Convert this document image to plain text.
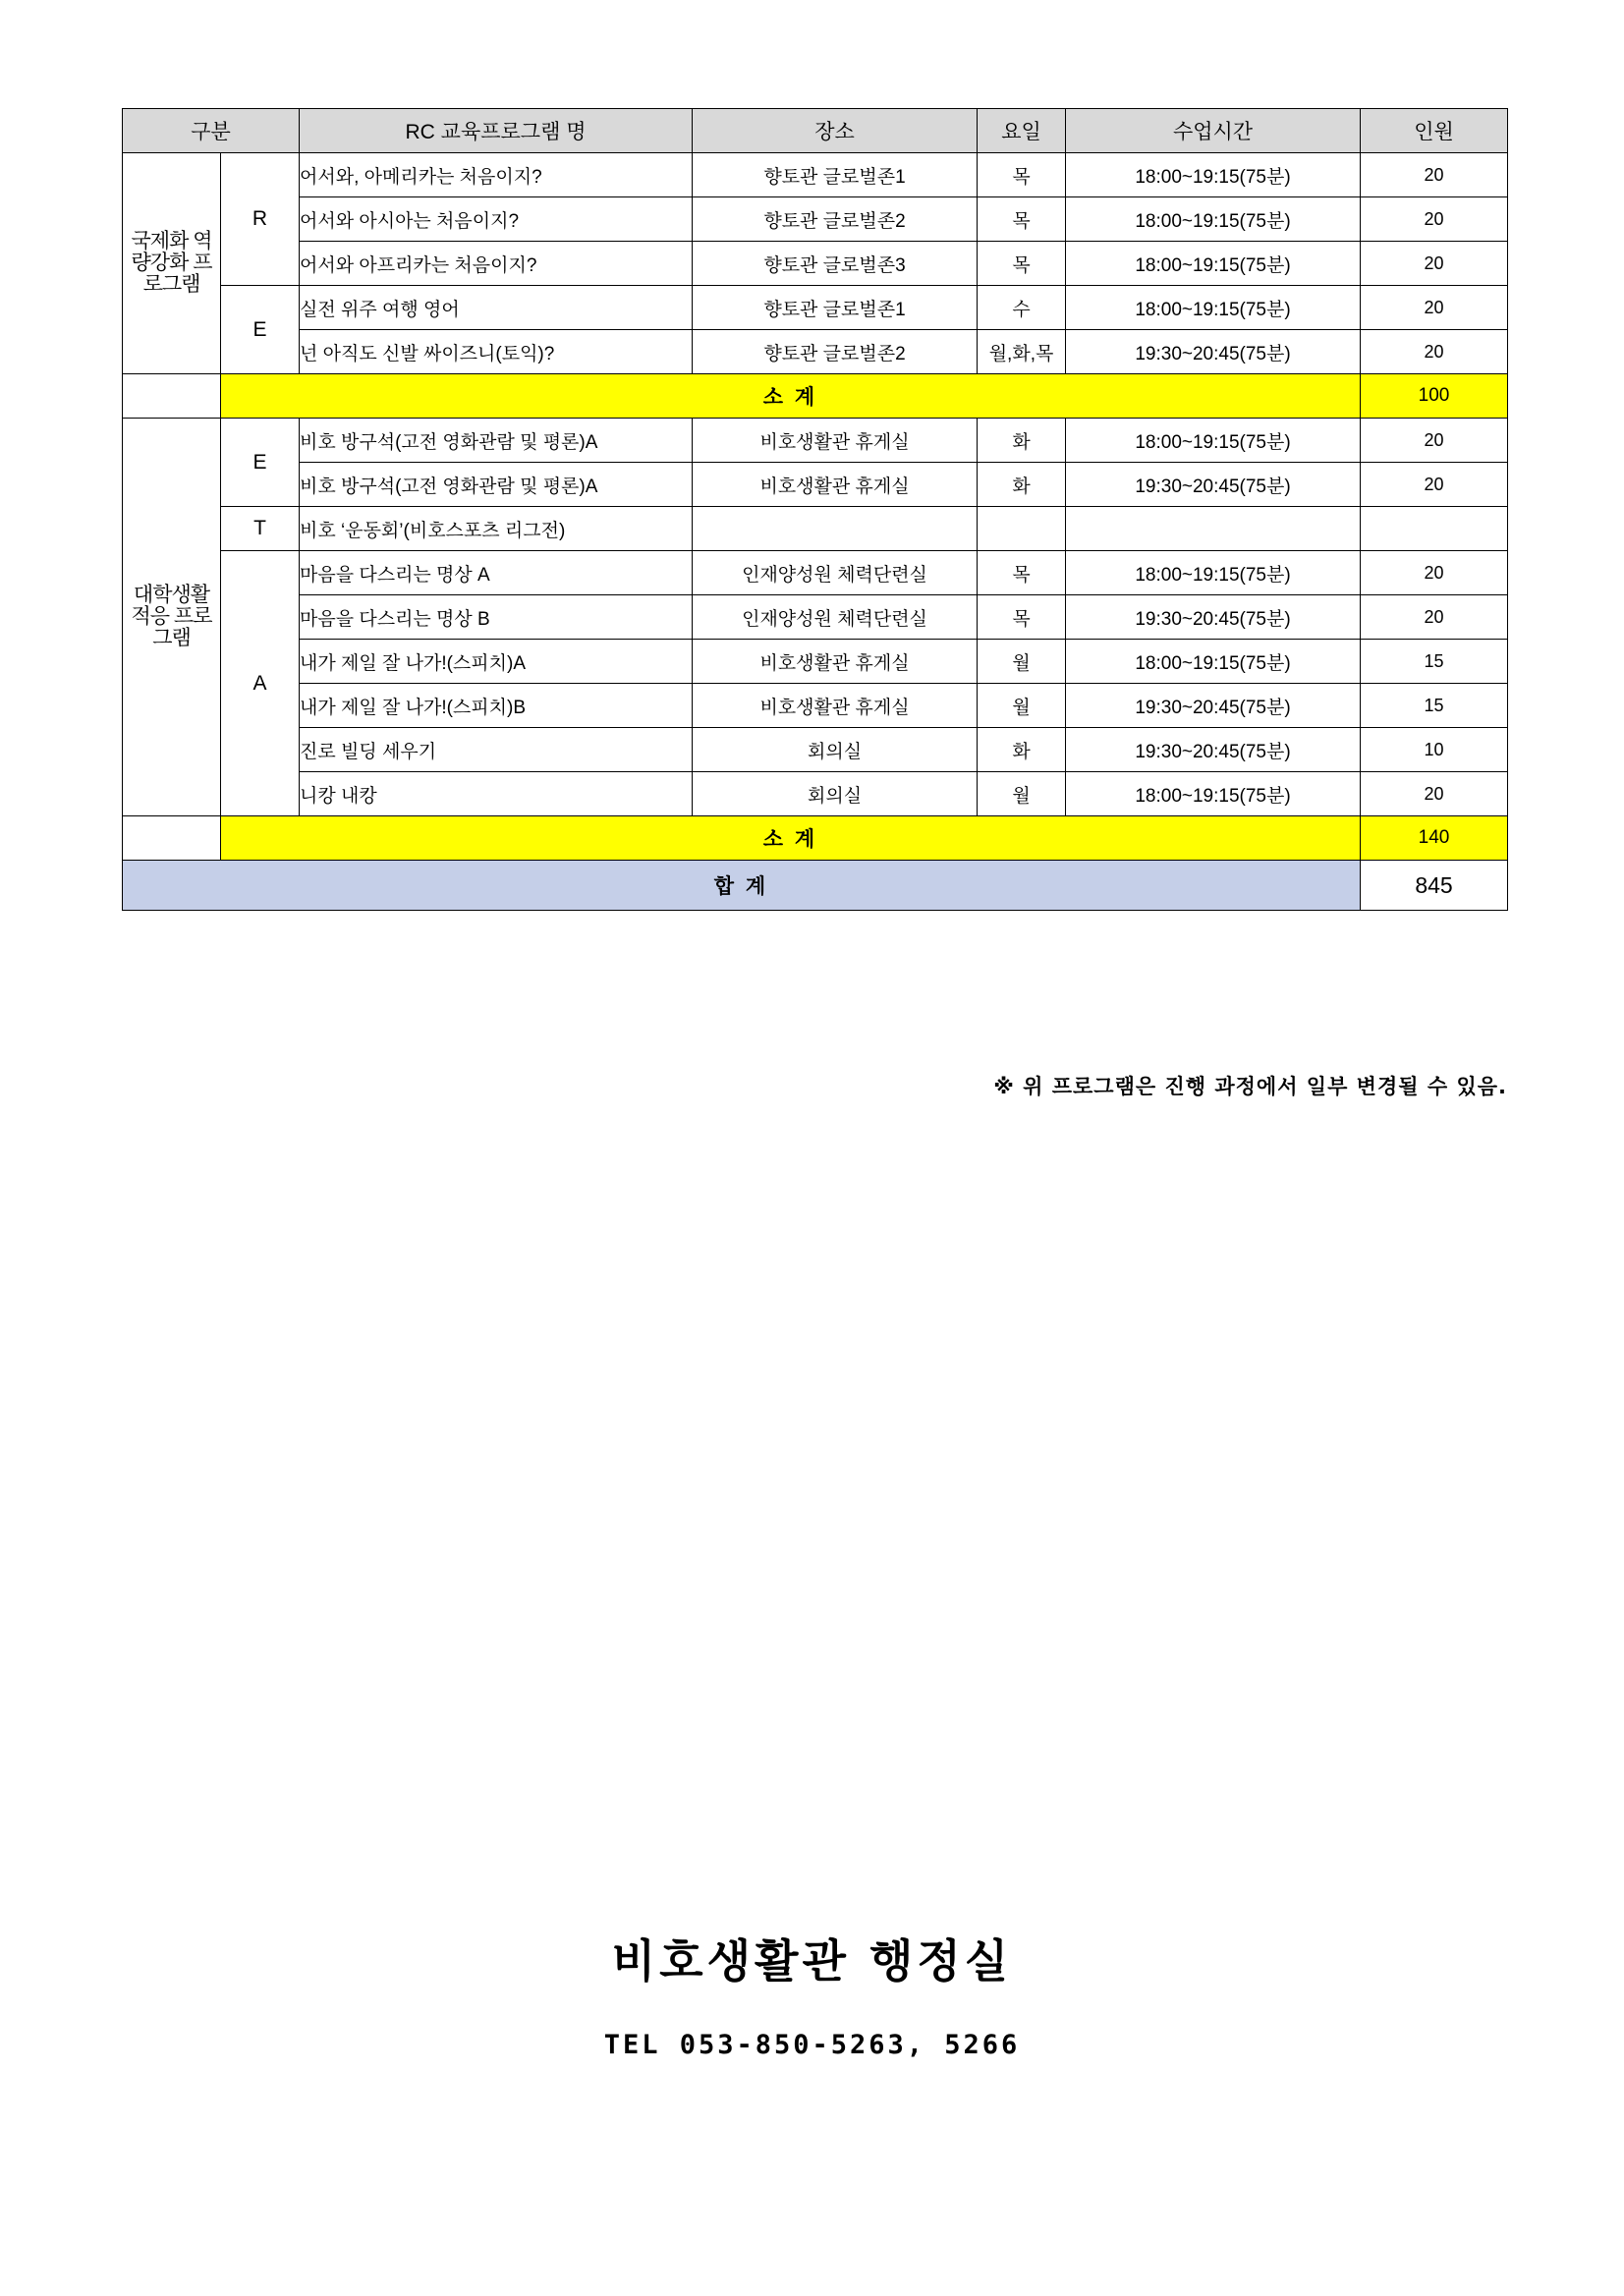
구분		RC 교육프로그램 명	장소	요일	수업시간	인원

국제화 역량강화 프로그램	R	어서와, 아메리카는 처음이지?	향토관 글로벌존1	목	18:00~19:15(75분)	20
		어서와 아시아는 처음이지?	향토관 글로벌존2	목	18:00~19:15(75분)	20
		어서와 아프리카는 처음이지?	향토관 글로벌존3	목	18:00~19:15(75분)	20
	E	실전 위주 여행 영어	향토관 글로벌존1	수	18:00~19:15(75분)	20
		넌 아직도 신발 싸이즈니(토익)?	향토관 글로벌존2	월,화,목	19:30~20:45(75분)	20
	소 계					100

대학생활 적응 프로그램	E	비호 방구석(고전 영화관람 및 평론)A	비호생활관 휴게실	화	18:00~19:15(75분)	20
		비호 방구석(고전 영화관람 및 평론)A	비호생활관 휴게실	화	19:30~20:45(75분)	20
	T	비호 ‘운동회’(비호스포츠 리그전)				
	A	마음을 다스리는 명상 A	인재양성원 체력단련실	목	18:00~19:15(75분)	20
		마음을 다스리는 명상 B	인재양성원 체력단련실	목	19:30~20:45(75분)	20
		내가 제일 잘 나가!(스피치)A	비호생활관 휴게실	월	18:00~19:15(75분)	15
		내가 제일 잘 나가!(스피치)B	비호생활관 휴게실	월	19:30~20:45(75분)	15
		진로 빌딩 세우기	회의실	화	19:30~20:45(75분)	10
		니캉 내캉	회의실	월	18:00~19:15(75분)	20
	소 계					140
합 계						845
※ 위 프로그램은 진행 과정에서 일부 변경될 수 있음.
비호생활관 행정실
TEL 053-850-5263, 5266
